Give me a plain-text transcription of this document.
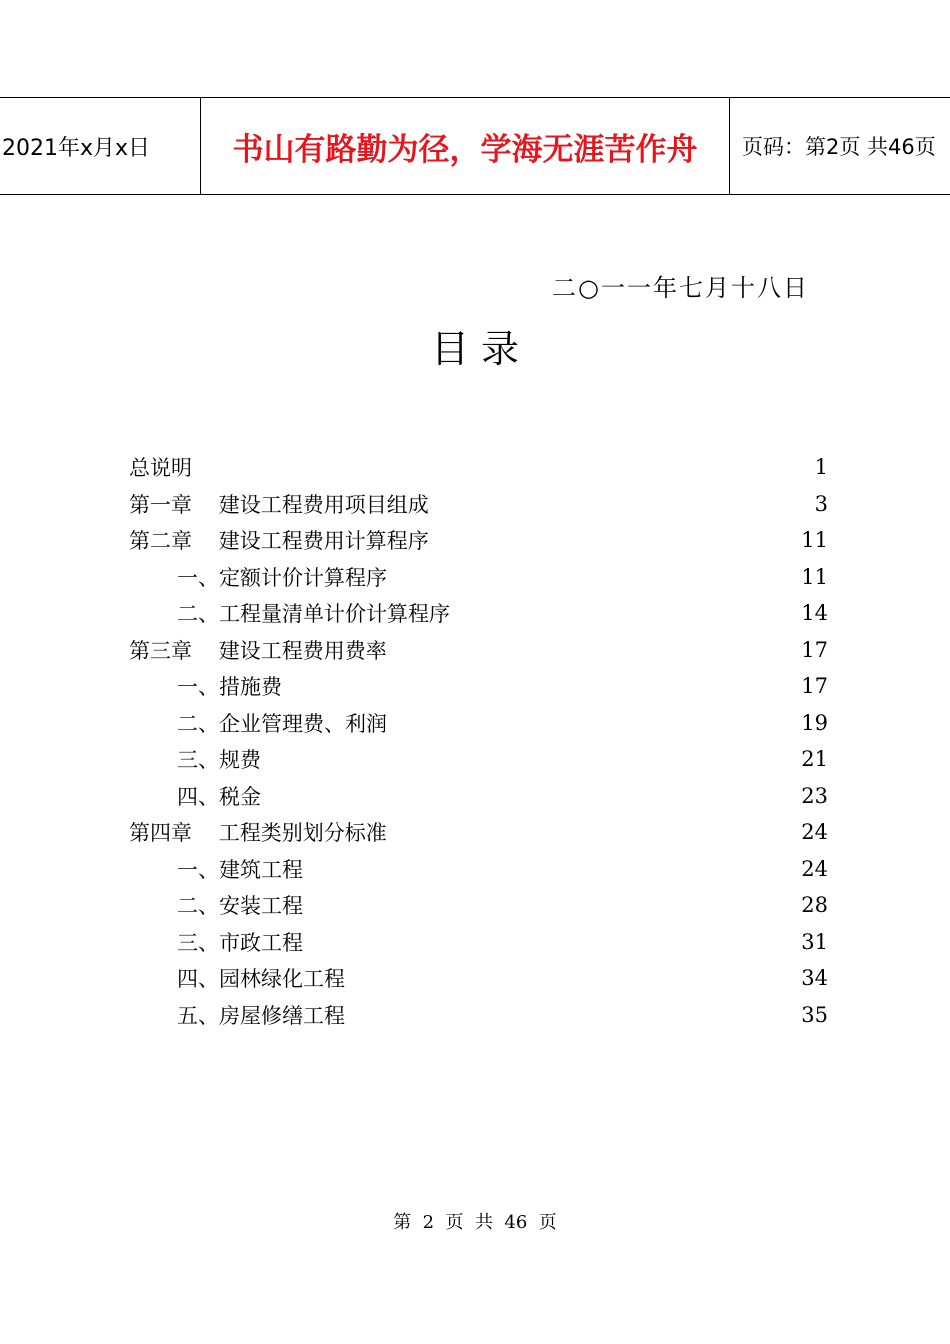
2021年x月x日	书山有路勤为径，学海无涯苦作舟	页码：第2页 共46页
二○一一年七月十八日
目 录
总说明	1
第一章    建设工程费用项目组成	3
第二章    建设工程费用计算程序	11
一、定额计价计算程序	11
二、工程量清单计价计算程序	14
第三章    建设工程费用费率	17
一、措施费	17
二、企业管理费、利润	19
三、规费	21
四、税金	23
第四章    工程类别划分标准	24
一、建筑工程	24
二、安装工程	28
三、市政工程	31
四、园林绿化工程	34
五、房屋修缮工程	35
第  2  页  共  46  页
